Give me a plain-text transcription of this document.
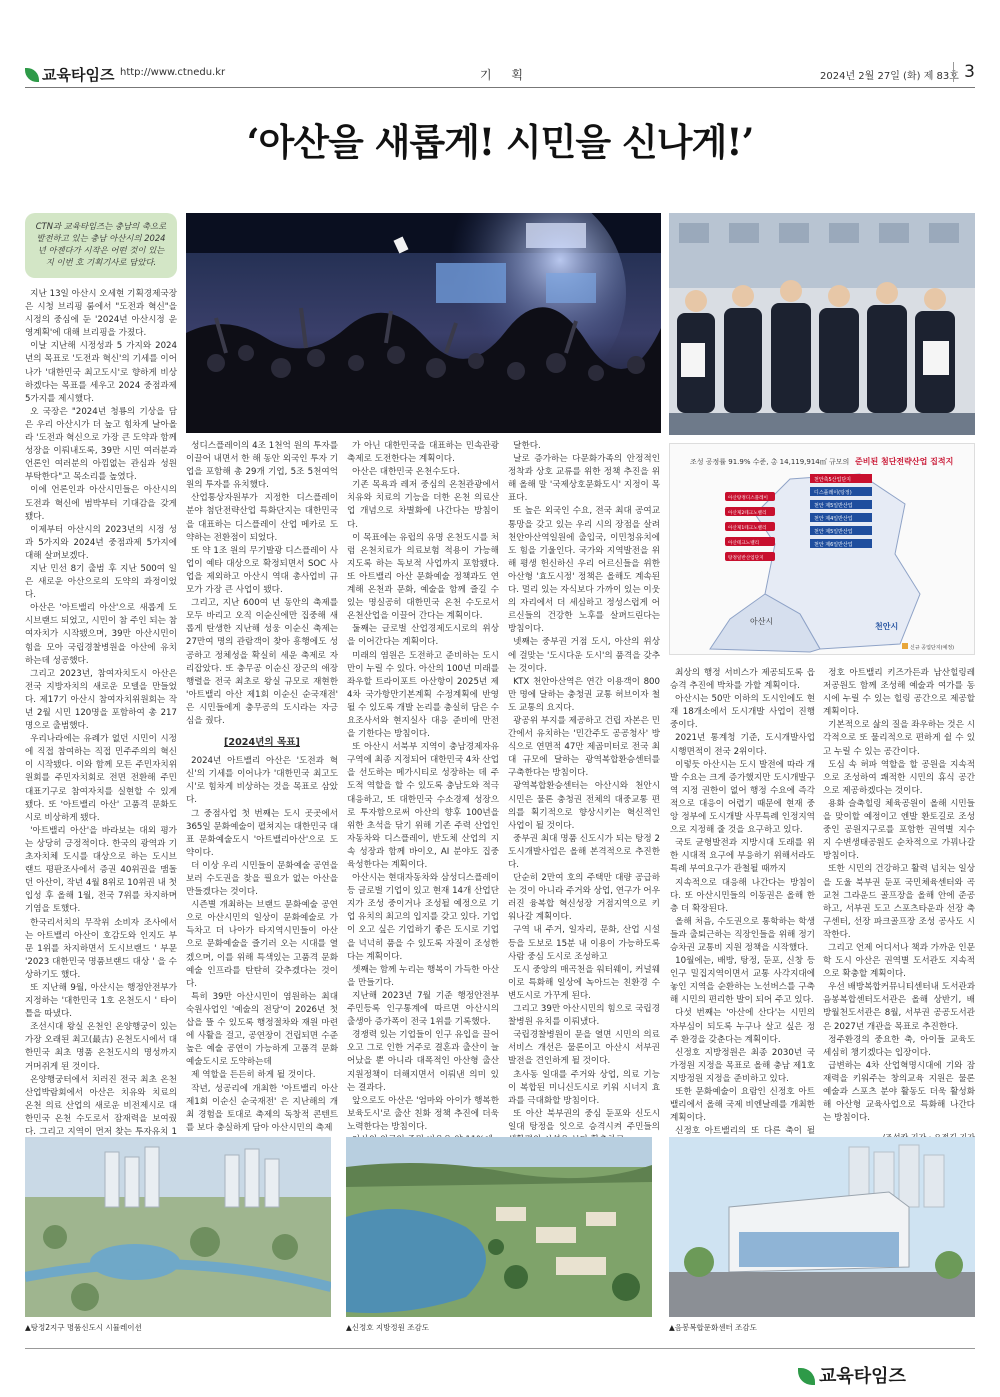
교육타임즈 http://www.ctnedu.kr	기 획	2024년 2월 27일 (화) 제 83호 3
‘아산을 새롭게! 시민을 신나게!’
CTN과 교육타임즈는 충남의 축으로 발전하고 있는 충남 아산시의 2024년 아젠다가 시작은 어떤 것이 있는지 이번 호 기획기사로 담았다.

지난 13일 아산시 오세현 기획경제국장은 시청 브리핑 룸에서 "도전과 혁신"을 시정의 중심에 둔 '2024년 아산시정 운영계획'에 대해 브리핑을 가졌다.

이날 지난해 시정성과 5 가지와 2024년의 목표로 '도전과 혁신'의 기세를 이어나가 '대한민국 최고도시'로 향하게 비상하겠다는 목표를 세우고 2024 중점과제 5가지를 제시했다.

오 국장은 "2024년 청룡의 기상을 담은 우리 아산시가 더 높고 힘차게 날아올라 '도전과 혁신으로 가장 큰 도약과 함께 성장을 이뤄내도록, 39만 시민 여러분과 언론인 여러분의 아낌없는 관심과 성원 부탁한다"고 목소리를 높였다.

이에 언론인과 아산시민들은 아산시의 도전과 혁신에 범박부터 기대감을 갖게 됐다.

이제부터 아산시의 2023년의 시정 성과 5가지와 2024년 중점과제 5가지에 대해 살펴보겠다.

지난 민선 8기 출범 후 지난 500여 일은 새로운 아산으로의 도약의 과정이었다.

아산은 '아트밸리 아산'으로 새롭게 도시브랜드 되었고, 시민이 참 주인 되는 참여자치가 시작됐으며, 39만 아산시민이 힘을 모아 국립경찰병원을 아산에 유치하는데 성공했다.

그리고 2023년, 참여자치도시 아산은 전국 지방자치의 새로운 모델을 만들었다. 제17기 아산시 참여자치위원회는 작년 2월 시민 120명을 포함하여 총 217명으로 출범했다.

우리나라에는 유례가 없던 시민이 시정에 직접 참여하는 직접 민주주의의 혁신이 시작됐다. 이와 함께 모든 주민자치위원회를 주민자치회로 전면 전환해 주민대표기구로 참여자치를 실현할 수 있게 됐다. 또 '아트밸리 아산' 고품격 문화도시로 비상하게 됐다.

'아트밸리 아산'을 바라보는 대외 평가는 상당히 긍정적이다. 한국의 광역과 기초자치체 도시를 대상으로 하는 도시브랜드 평판조사에서 증권 40위권을 맴돌던 아산이, 작년 4월 8위로 10위권 내 첫 입성 후 올해 1월, 전국 7위를 차지하며 기염을 토했다.

한국리서치의 무작위 소비자 조사에서는 아트밸리 아산이 호감도와 인지도 부문 1위를 차지하면서 도시브랜드 ' 부문 '2023 대한민국 명품브랜드 대상 ' 을 수상하기도 했다.

또 지난해 9월, 아산시는 행정안전부가 지정하는 '대한민국 1호 온천도시 ' 타이틀을 따냈다.

조선시대 왕실 온천인 온양행궁이 있는 가장 오래된 최고(最古) 온천도시에서 대한민국 최초 명품 온천도시의 명성까지 거머쥐게 된 것이다.

온양행궁터에서 치러진 전국 최초 온천산업박람회에서 아산은 치유와 치료의 온천 의료 산업의 새로운 비전제시로 대한민국 온천 수도로서 잠재력을 보여줬다. 그리고 지역이 먼저 찾는 투자유치 1

성디스플레이의 4조 1천억 원의 투자를 이끌어 내면서 한 해 동안 외국인 투자 기업을 포함해 총 29개 기업, 5조 5천여억 원의 투자를 유치했다.

산업통상자원부가 지정한 디스플레이 분야 첨단전략산업 특화단지는 대한민국을 대표하는 디스플레이 산업 메카로 도약하는 전환점이 되었다.

또 약 1조 원의 무기발광 디스플레이 사업이 예타 대상으로 확정되면서 SOC 사업을 제외하고 아산시 역대 총사업비 규모가 가장 큰 사업이 됐다.

그리고, 지난 600여 년 동안의 축제를 모두 바리고 오직 이순신에만 집중해 새롭게 탄생한 지난해 성웅 이순신 축제는 27만여 명의 관람객이 찾아 흥행에도 성공하고 정체성을 확실히 세운 축제로 자리잡았다. 또 충무공 이순신 장군의 애장행렬을 전국 최초로 왕실 규모로 재현한 '아트밸리 아산 제1회 이순신 순국재전' 은 시민들에게 충무공의 도시라는 자긍심을 줬다.

[2024년의 목표]

2024년 아트밸리 아산은 '도전과 혁신'의 기세를 이어나가 '대한민국 최고도시'로 힘차게 비상하는 것을 목표로 삼았다.

그 중점사업 첫 번째는 도시 곳곳에서 365일 문화예술이 펼쳐지는 대한민국 대표 문화예술도시 '아트밸리아산'으로 도약이다.

더 이상 우리 시민들이 문화예술 공연을 보러 수도권을 찾을 필요가 없는 아산을 만들겠다는 것이다.

시즌별 개최하는 브랜드 문화예술 공연으로 아산시민의 일상이 문화예술로 가득차고 더 나아가 타지역시민들이 아산으로 문화예술을 즐기러 오는 시대를 열겠으며, 이를 위해 특색있는 고품격 문화예술 인프라를 탄탄히 갖추겠다는 것이다.

특히 39만 아산시민이 염원하는 최대 숙원사업인 '예술의 전당'이 2026년 첫 삽을 뜰 수 있도록 행정절차와 재원 마련에 사활을 걸고, 공연장이 건립되면 수준높은 예술 공연이 가능하게 고품격 문화예술도시로 도약하는데

제 역할을 든든히 하게 될 것이다.

작년, 성공리에 개최한 '아트밸리 아산 제1회 이순신 순국재전' 은 지난해의 개최 경험을 토대로 축제의 독창적 콘텐트를 보다 충실하게 담아 아산시민의 축제

가 아닌 대한민국을 대표하는 민속관광축제로 도전한다는 계획이다.

아산은 대한민국 온천수도다.

기존 목욕과 레저 중심의 온천관광에서 치유와 치료의 기능을 더한 온천 의료산업 개념으로 차별화에 나간다는 방침이다.

이 목표에는 유럽의 유명 온천도시를 처럼 온천치료가 의료보험 적용이 가능해지도록 하는 독보적 사업까지 포함됐다. 또 아트밸리 아산 문화예술 정책과도 연계해 온천과 문화, 예술을 함께 즐길 수 있는 명실공히 대한민국 온천 수도로서 온천산업을 이끌어 간다는 계획이다.

둘째는 글로벌 산업경제도시로의 위상을 이어간다는 계획이다.

미래의 염원은 도전하고 준비하는 도시만이 누릴 수 있다. 아산의 100년 미래를 좌우할 트라이포트 아산항이 2025년 제4차 국가항만기본계획 수정계획에 반영될 수 있도록 개발 논리를 충실히 담은 수요조사서와 현지실사 대응 준비에 만전을 기한다는 방침이다.

또 아산시 서북부 지역이 충남경제자유구역에 최종 지정되어 대한민국 4차 산업을 선도하는 메가시티로 성장하는 데 주도적 역할을 할 수 있도록 충남도와 적극 대응하고, 또 대한민국 수소경제 성장으로 투자함으로써 아산의 향후 100년을 위한 초석을 닦기 위해 기존 주력 산업인 자동차와 디스플레이, 반도체 산업의 지속 성장과 함께 바이오, AI 분야도 집중 육성한다는 계획이다.

아산시는 현대자동차와 삼성디스플레이 등 글로벌 기업이 있고 현재 14개 산업단지가 조성 중이거나 조성될 예정으로 기업 유치의 최고의 입지를 갖고 있다. 기업이 오고 싶은 기업하기 좋은 도시로 기업을 넉넉히 품을 수 있도록 자질이 조성한다는 계획이다.

셋째는 함께 누리는 행복이 가득한 아산을 만들기다.

지난해 2023년 7월 기준 행정안전부 주민등록 인구통계에 따르면 아산시의 출생아 증가폭이 전국 1위를 기록했다.

경쟁력 있는 기업들이 인구 유입을 끌어오고 그로 인한 거주로 결혼과 출산이 늘어났을 뿐 아니라 대폭적인 아산형 출산 지원정책이 더해지면서 이뤄낸 의미 있는 결과다.

앞으로도 아산은 '엄마와 아이가 행복한 보육도시'로 출산 친화 정책 추진에 더욱 노력한다는 방침이다.

달한다.

날로 증가하는 다문화가족의 안정적인 정착과 상호 교류를 위한 정책 추진을 위해 올해 말 '국제상호문화도시' 지정이 목표다.

또 높은 외국인 수요, 전국 최대 공여교통망을 갖고 있는 우리 시의 장점을 살려 천안아산역일원에 출입국, 이민청유치에도 힘을 기울인다. 국가와 지역발전을 위해 평생 헌신하신 우리 어르신들을 위한 아산형 '효도시정' 정책은 올해도 계속된다. 멀리 있는 자식보다 가까이 있는 이웃의 자리에서 더 세심하고 정성스럽게 어르신들의 건강한 노후를 살펴드린다는 방침이다.

넷째는 중부권 거점 도시, 아산의 위상에 걸맞는 '도시다운 도시'의 품격을 갖추는 것이다.

KTX 천안아산역은 연간 이용객이 800만 명에 달하는 충청권 교통 허브이자 철도 교통의 요지다.

광공위 부지를 제공하고 건립 자본은 민간에서 유치하는 '민간주도 공공청사' 방식으로 연면적 47만 제곱미터로 전국 최대 규모에 달하는 광역복합환승센터를 구축한다는 방침이다.

광역복합환승센터는 아산시와 천안시 시민은 물론 충청권 전체의 대중교통 편의를 획기적으로 향상시키는 혁신적인 사업이 될 것이다.

중부권 최대 명품 신도시가 되는 탕정 2도시개발사업은 올해 본격적으로 추진한다.

단순히 2만여 호의 주택만 대량 공급하는 것이 아니라 주거와 상업, 연구가 어우러진 융복합 혁신성장 거점지역으로 키워나갈 계획이다.

구역 내 주거, 일자리, 문화, 산업 시설 등을 도보로 15분 내 이용이 가능하도록 사람 중심 도시로 조성하고

도시 중앙의 매곡천을 워터웨이, 커널웨이로 특화해 일상에 녹아드는 친환경 수변도시로 가꾸게 된다.

그리고 39만 아산시민의 힘으로 국립경찰병원 유치를 이뤄냈다.

국립경찰병원이 문을 열면 시민의 의료 서비스 개선은 물론이고 아산시 서부권 발전을 견인하게 될 것이다.

초사동 일대를 주거와 상업, 의료 기능이 복합된 미니신도시로 키워 시너지 효과를 극대화할 방침이다.

또 아산 북부권의 중심 둔포와 신도시 일대 탕정을 잇으로 승격시켜 주민들의

최상의 행정 서비스가 제공되도록 읍 승격 추진에 박차를 가할 계획이다.

아산시는 50만 이하의 도시인에도 현재 18개소에서 도시개발 사업이 진행 중이다.

2021년 통계청 기준, 도시개발사업 시행면적이 전국 2위이다.

이렇듯 아산시는 도시 발전에 따라 개발 수요는 크게 증가했지만 도시개발구역 지정 권한이 없어 행정 수요에 즉각적으로 대응이 어렵기 때문에 현재 중앙 정부에 도시개발 사무특례 인정지역으로 지정해 줄 것을 요구하고 있다.

국토 균형발전과 지방시대 도래를 위한 시대적 요구에 부응하기 위해서라도 특례 부여요구가 관철될 때까지

지속적으로 대응해 나간다는 방침이다. 또 아산시민들의 이동권은 올해 한층 더 확장된다.

올해 처음, 수도권으로 통학하는 학생들과 출퇴근하는 직장인들을 위해 정기승차권 교통비 지원 정책을 시작했다.

10월에는, 배방, 탕정, 둔포, 신창 등 인구 밀집지역이면서 교통 사각지대에 놓인 지역을 순환하는 노선버스를 구축해 시민의 편리한 발이 되어 주고 있다.

다섯 번째는 '아산에 산다'는 시민의 자부심이 되도록 누구나 살고 싶은 정주 환경을 갖춘다는 계획이다.

신정호 지방정원은 최종 2030년 국가정원 지정을 목표로 올해 충남 제1호 지방정원 지정을 준비하고 있다.

또한 문화예술이 요람인 신정호 아트밸리에서 올해 국제 비엔날레를 개최한 계획이다.

신정호 아트밸리의 또 다른 축이 될

정호 아트밸리 키즈가든과 남산힐링레저공원도 함께 조성해 예술과 여가를 동시에 누릴 수 있는 힐링 공간으로 제공할 계획이다.

기본적으로 삶의 질을 좌우하는 것은 시각적으로 또 물리적으로 편하게 쉴 수 있고 누릴 수 있는 공간이다.

도심 속 허파 역할을 할 공원을 지속적으로 조성하여 쾌적한 시민의 휴식 공간으로 제공하겠다는 것이다.

용화 슬축힐링 체육공원이 올해 시민들을 맞이할 예정이고 엔발 환토길로 조성 중인 공원지구로를 포함한 권역별 지수지 수변생태공원도 순차적으로 가꿔나갈 방침이다.

또한 시민의 건강하고 활력 넘치는 일상을 도울 북부권 둔포 국민체육센터와 곡교천 그라운드 골프장을 올해 안에 준공하고, 서부권 도고 스포츠타운과 선장 축구센터, 선장 파크골프장 조성 공사도 시작한다.

그리고 언제 어디서나 책과 가까운 인문학 도시 아산은 권역별 도서관도 지속적으로 확충할 계획이다.

우선 배방복합커뮤니티센터내 도서관과 음봉복합센터도서관은 올해 상반기, 배방월천도서관은 8월, 서부권 공공도서관은 2027년 개관을 목표로 추진한다.

정주환경의 중요한 축, 아이들 교육도 세심히 챙기겠다는 입장이다.

급변하는 4차 산업혁명시대에 기와 잠재력을 키워주는 창의교육 지원은 물론 예술과 스포츠 분야 활동도 더욱 활성화 해 아산형 교육사업으로 특화해 나간다는 방침이다.

조성 공정률 91.9% 수준, 총 14,119,914㎡ 규모의 준비된 첨단전략산업 집적지
천안축5산업단지
디스플레이(탕정)
천안 제5일반산업
천안 제4일반산업
천안 제5일반산업
천안 제6일반산업
아산탕정디스플레이
아산제2테크노밸리
아산제1테크노밸리
아산테크노밸리
탕정일반산업단지
아산시
천안시
신규 공업단지(예정)
▲탕정2지구 명품신도시 시뮬레이션	▲신정호 지방정원 조감도	▲음봉복합문화센터 조감도
교육타임즈
